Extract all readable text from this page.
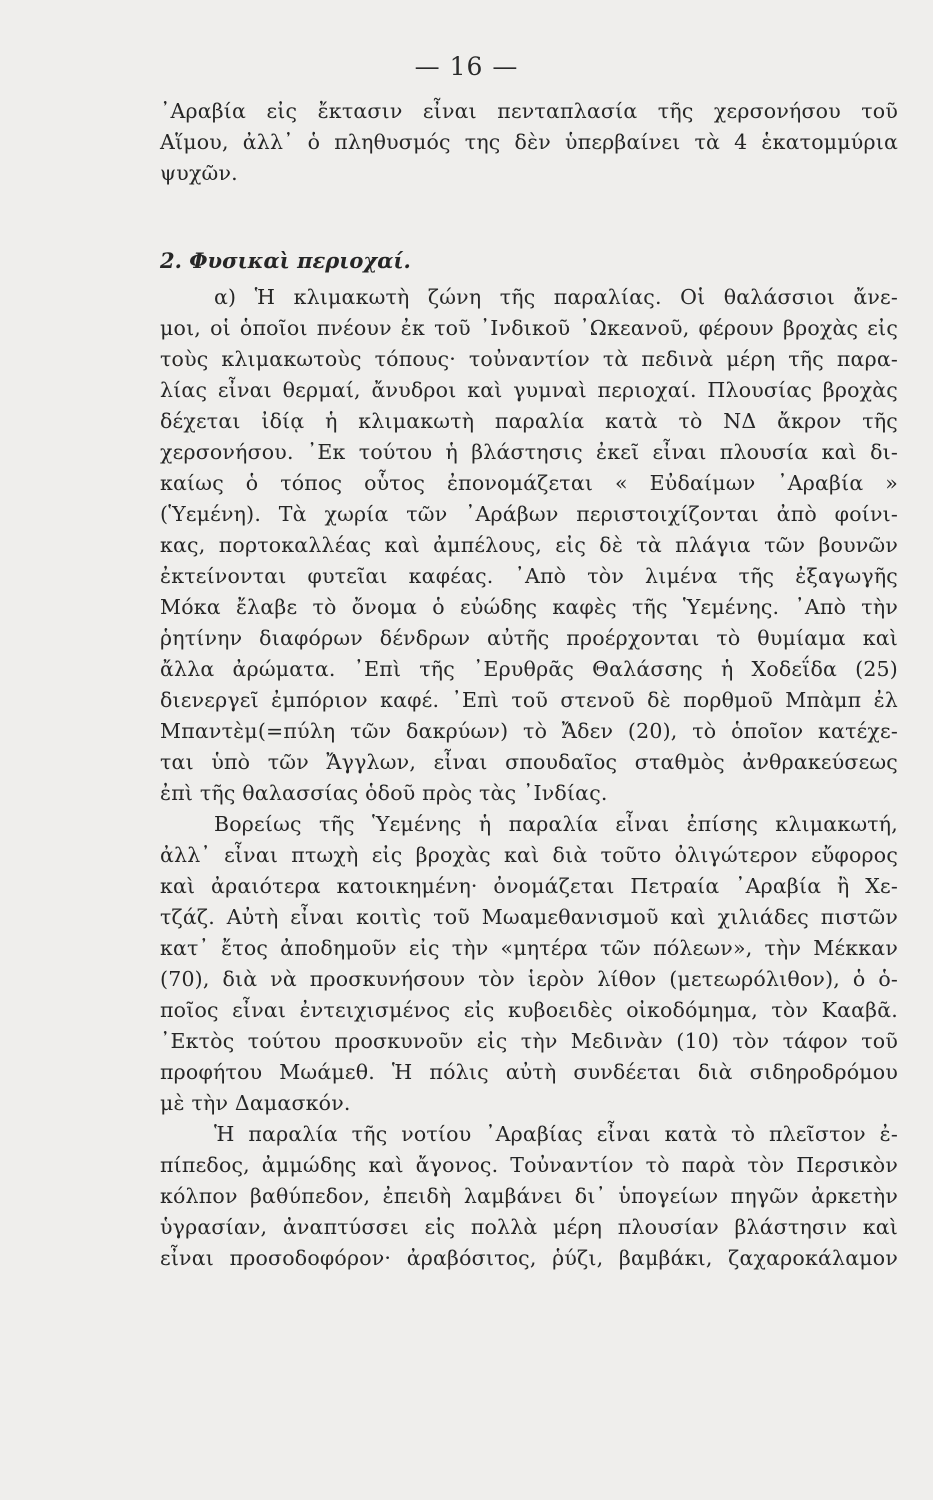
— 16 —
᾽Αραβία εἰς ἔκτασιν εἶναι πενταπλασία τῆς χερσονήσου τοῦ
Αἵμου, ἀλλ᾽ ὁ πληθυσμός της δὲν ὑπερβαίνει τὰ 4 ἑκατομμύρια
ψυχῶν.
2. Φυσικαὶ περιοχαί.
α) Ἡ κλιμακωτὴ ζώνη τῆς παραλίας. Οἱ θαλάσσιοι ἄνε-
μοι, οἱ ὁποῖοι πνέουν ἐκ τοῦ ᾽Ινδικοῦ ᾽Ωκεανοῦ, φέρουν βροχὰς εἰς
τοὺς κλιμακωτοὺς τόπους· τοὐναντίον τὰ πεδινὰ μέρη τῆς παρα-
λίας εἶναι θερμαί, ἄνυδροι καὶ γυμναὶ περιοχαί. Πλουσίας βροχὰς
δέχεται ἰδίᾳ ἡ κλιμακωτὴ παραλία κατὰ τὸ ΝΔ ἄκρον τῆς
χερσονήσου. ᾽Εκ τούτου ἡ βλάστησις ἐκεῖ εἶναι πλουσία καὶ δι-
καίως ὁ τόπος οὗτος ἐπονομάζεται « Εὐδαίμων ᾽Αραβία »
(Ὑεμένη). Τὰ χωρία τῶν ᾽Αράβων περιστοιχίζονται ἀπὸ φοίνι-
κας, πορτοκαλλέας καὶ ἀμπέλους, εἰς δὲ τὰ πλάγια τῶν βουνῶν
ἐκτείνονται φυτεῖαι καφέας. ᾽Απὸ τὸν λιμένα τῆς ἐξαγωγῆς
Μόκα ἔλαβε τὸ ὄνομα ὁ εὐώδης καφὲς τῆς Ὑεμένης. ᾽Απὸ τὴν
ῥητίνην διαφόρων δένδρων αὐτῆς προέρχονται τὸ θυμίαμα καὶ
ἄλλα ἀρώματα. ᾽Επὶ τῆς ᾽Ερυθρᾶς Θαλάσσης ἡ Χοδεΐδα (25)
διενεργεῖ ἐμπόριον καφέ. ᾽Επὶ τοῦ στενοῦ δὲ πορθμοῦ Μπὰμπ ἐλ
Μπαντὲμ(=πύλη τῶν δακρύων) τὸ Ἄδεν (20), τὸ ὁποῖον κατέχε-
ται ὑπὸ τῶν Ἄγγλων, εἶναι σπουδαῖος σταθμὸς ἀνθρακεύσεως
ἐπὶ τῆς θαλασσίας ὁδοῦ πρὸς τὰς ᾽Ινδίας.
Βορείως τῆς Ὑεμένης ἡ παραλία εἶναι ἐπίσης κλιμακωτή,
ἀλλ᾽ εἶναι πτωχὴ εἰς βροχὰς καὶ διὰ τοῦτο ὀλιγώτερον εὔφορος
καὶ ἀραιότερα κατοικημένη· ὀνομάζεται Πετραία ᾽Αραβία ἢ Χε-
τζάζ. Αὐτὴ εἶναι κοιτὶς τοῦ Μωαμεθανισμοῦ καὶ χιλιάδες πιστῶν
κατ᾽ ἔτος ἀποδημοῦν εἰς τὴν «μητέρα τῶν πόλεων», τὴν Μέκκαν
(70), διὰ νὰ προσκυνήσουν τὸν ἱερὸν λίθον (μετεωρόλιθον), ὁ ὁ-
ποῖος εἶναι ἐντειχισμένος εἰς κυβοειδὲς οἰκοδόμημα, τὸν Κααβᾶ.
᾽Εκτὸς τούτου προσκυνοῦν εἰς τὴν Μεδινὰν (10) τὸν τάφον τοῦ
προφήτου Μωάμεθ. Ἡ πόλις αὐτὴ συνδέεται διὰ σιδηροδρόμου
μὲ τὴν Δαμασκόν.
Ἡ παραλία τῆς νοτίου ᾽Αραβίας εἶναι κατὰ τὸ πλεῖστον ἐ-
πίπεδος, ἀμμώδης καὶ ἄγονος. Τοὐναντίον τὸ παρὰ τὸν Περσικὸν
κόλπον βαθύπεδον, ἐπειδὴ λαμβάνει δι᾽ ὑπογείων πηγῶν ἀρκετὴν
ὑγρασίαν, ἀναπτύσσει εἰς πολλὰ μέρη πλουσίαν βλάστησιν καὶ
εἶναι προσοδοφόρον· ἀραβόσιτος, ῥύζι, βαμβάκι, ζαχαροκάλαμον
